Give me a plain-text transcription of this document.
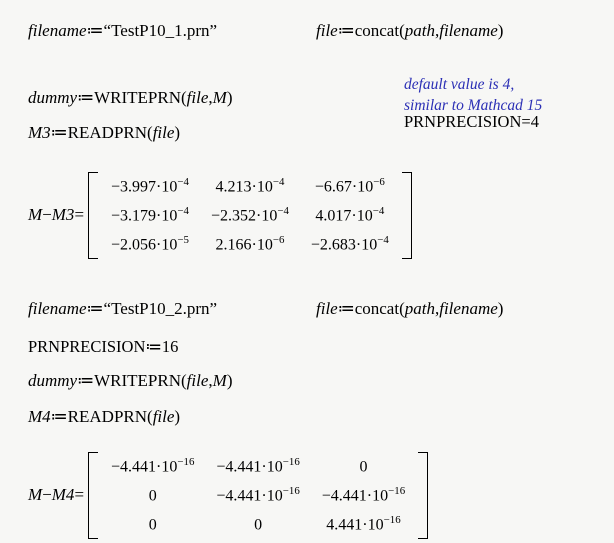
filename≔“TestP10_1.prn”	file≔concat(path,filename)
default value is 4,
similar to Mathcad 15
dummy≔WRITEPRN(file,M)
PRNPRECISION=4
M3≔READPRN(file)
M−M3=
$-3.997\cdot 10^{-4}$	$4.213\cdot 10^{-4}$	$-6.67\cdot 10^{-6}$
$-3.179\cdot 10^{-4}$	$-2.352\cdot 10^{-4}$	$4.017\cdot 10^{-4}$
$-2.056\cdot 10^{-5}$	$2.166\cdot 10^{-6}$	$-2.683\cdot 10^{-4}$
filename≔“TestP10_2.prn”	file≔concat(path,filename)
PRNPRECISION≔16
dummy≔WRITEPRN(file,M)
M4≔READPRN(file)
M−M4=
$-4.441\cdot 10^{-16}$	$-4.441\cdot 10^{-16}$	0
0	$-4.441\cdot 10^{-16}$	$-4.441\cdot 10^{-16}$
0	0	$4.441\cdot 10^{-16}$
